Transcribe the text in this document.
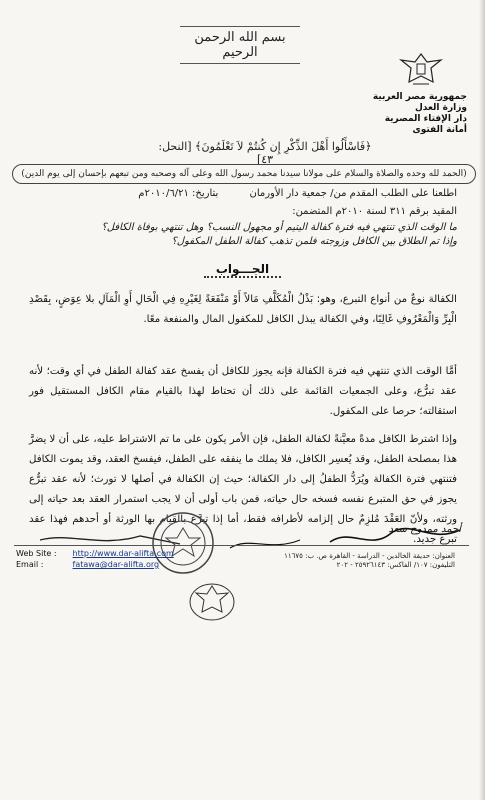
بسم الله الرحمن الرحيم
جمهورية مصر العربية
وزارة العدل
دار الإفتاء المصرية
أمانة الفتوى
﴿فَاسْأَلُوا أَهْلَ الذِّكْرِ إِن كُنتُمْ لاَ تَعْلَمُونَ﴾ [النحل: ٤٣]
(الحمد لله وحده والصلاة والسلام على مولانا سيدنا محمد رسول الله وعلى آله وصحبه ومن تبعهم بإحسان إلى يوم الدين)
اطلعنا على الطلب المقدم من/ جمعية دار الأورمان بتاريخ: ٢٠١٠/٦/٢١م
المقيد برقم ٣١١ لسنة ٢٠١٠م المتضمن:
ما الوقت الذي تنتهي فيه فترة كفالة اليتيم أو مجهول النسب؟ وهل تنتهي بوفاة الكافل؟
وإذا تم الطلاق بين الكافل وزوجته فلمن تذهب كفالة الطفل المكفول؟
الجـــواب
الكفالة نوعٌ من أنواع التبرع، وهو: بَذْلُ الْمُكَلَّفِ مَالاً أَوْ مَنْفَعَةً لِغَيْرِهِ فِي الْحَالِ أَوِ الْمَآلِ بلا عِوَضٍ، بِقَصْدِ الْبِرِّ وَالْمَعْرُوفِ غَالِبًا، وفي الكفالة يبذل الكافل للمكفول المال والمنفعة معًا.
أمَّا الوقت الذي تنتهي فيه فترة الكفالة فإنه يجوز للكافل أن يفسخ عقد كفالة الطفل في أي وقت؛ لأنه عقد تبرُّع، وعلى الجمعيات القائمة على ذلك أن تحتاط لهذا بالقيام مقام الكافل المستقيل فور استقالته؛ حرصا على المكفول.
وإذا اشترط الكافل مدةً معيَّنةً لكفالة الطفل، فإن الأمر يكون على ما تم الاشتراط عليه، على أن لا يضرَّ هذا بمصلحة الطفل، وقد يُعسِر الكافل، فلا يملك ما ينفقه على الطفل، فيفسخ العقد، وقد يموت الكافل فتنتهي فترة الكفالة ويُرَدُّ الطفلُ إلى دار الكفالة؛ حيث إن الكفالة في أصلها لا تورث؛ لأنه عقد تبرُّع يجوز في حق المتبرع نفسه فسخه حال حياته، فمن باب أولى أن لا يجب استمرار العقد بعد حياته إلى ورثته، ولأنّ العَقْدَ مُلزِمٌ حال إلزامه لأطرافه فقط، أما إذا تبرَّع بالقيام بها الورثة أو أحدهم فهذا عقد تبرع جديد.
أحمد ممدوح سعد
Web Site : http://www.dar-alifta.com
Email :	fatawa@dar-alifta.org
العنوان: حديقة الخالدين - الدراسة - القاهرة ص. ب: ١١٦٧٥
التليفون: ١٠٧/ الفاكس: ٢٥٩٢٦١٤٣ - ٢٠٢
